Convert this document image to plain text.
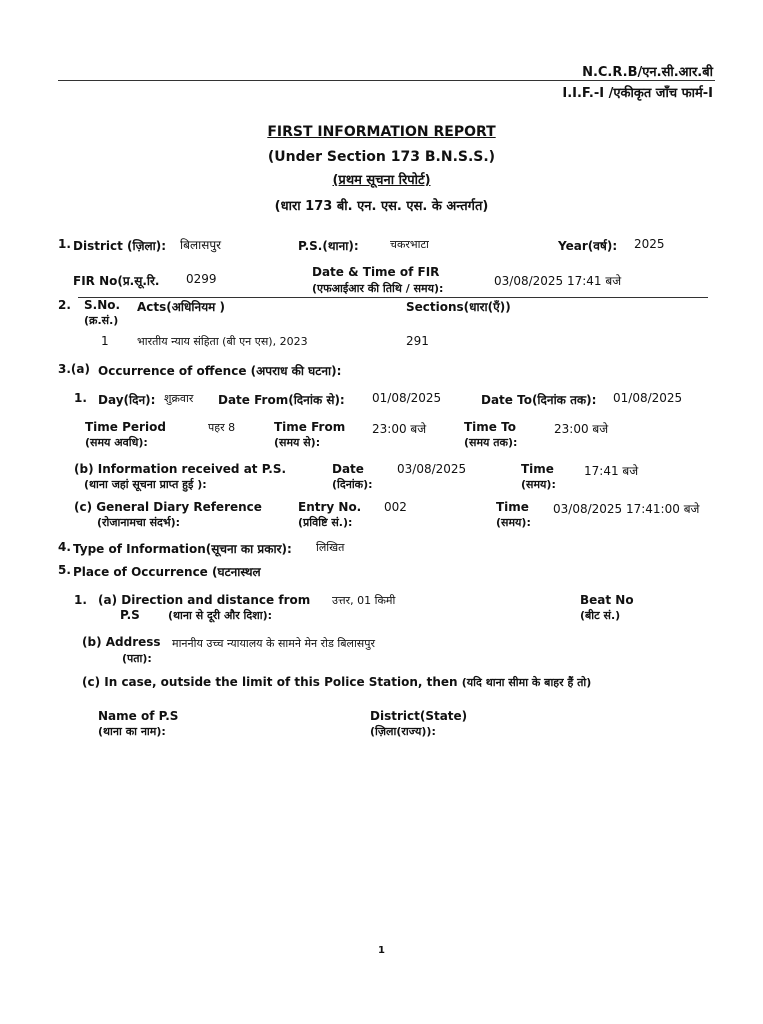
N.C.R.B/एन.सी.आर.बी
I.I.F.-I /एकीकृत जाँच फार्म-I
FIRST INFORMATION REPORT
(Under Section 173 B.N.S.S.)
(प्रथम सूचना रिपोर्ट)
(धारा 173 बी. एन. एस. एस. के अन्तर्गत)
1. District (ज़िला): बिलासपुर	P.S.(थाना):	चकरभाटा	Year(वर्ष): 2025
FIR No(प्र.सू.रि. 0299	Date & Time of FIR
(एफआईआर की तिथि / समय):
03/08/2025 17:41 बजे
2. S.No.
(क्र.सं.)
Acts(अधिनियम )	Sections(धारा(एँ))
1	भारतीय न्याय संहिता (बी एन एस), 2023	291
3.(a) Occurrence of offence (अपराध की घटना):
1. Day(दिन): शुक्रवार Date From(दिनांक से): 01/08/2025	Date To(दिनांक तक): 01/08/2025
Time Period
(समय अवधि):
पहर 8	Time From
(समय से):
23:00 बजे	Time To
(समय तक):
23:00 बजे
(b) Information received at P.S.
(थाना जहां सूचना प्राप्त हुई ):
Date
(दिनांक):
03/08/2025	Time
(समय):
17:41 बजे
(c) General Diary Reference
(रोजानामचा संदर्भ):
Entry No.
(प्रविष्टि सं.):
002	Time
(समय):
03/08/2025 17:41:00 बजे
4. Type of Information(सूचना का प्रकार): लिखित
5. Place of Occurrence (घटनास्थल
1. (a) Direction and distance from
P.S	(थाना से दूरी और दिशा):
उत्तर, 01 किमी	Beat No
(बीट सं.)
(b) Address माननीय उच्च न्यायालय के सामने मेन रोड बिलासपुर
(पता):
(c) In case, outside the limit of this Police Station, then (यदि थाना सीमा के बाहर हैं तो)
Name of P.S
(थाना का नाम):
District(State)
(ज़िला(राज्य)):
1
